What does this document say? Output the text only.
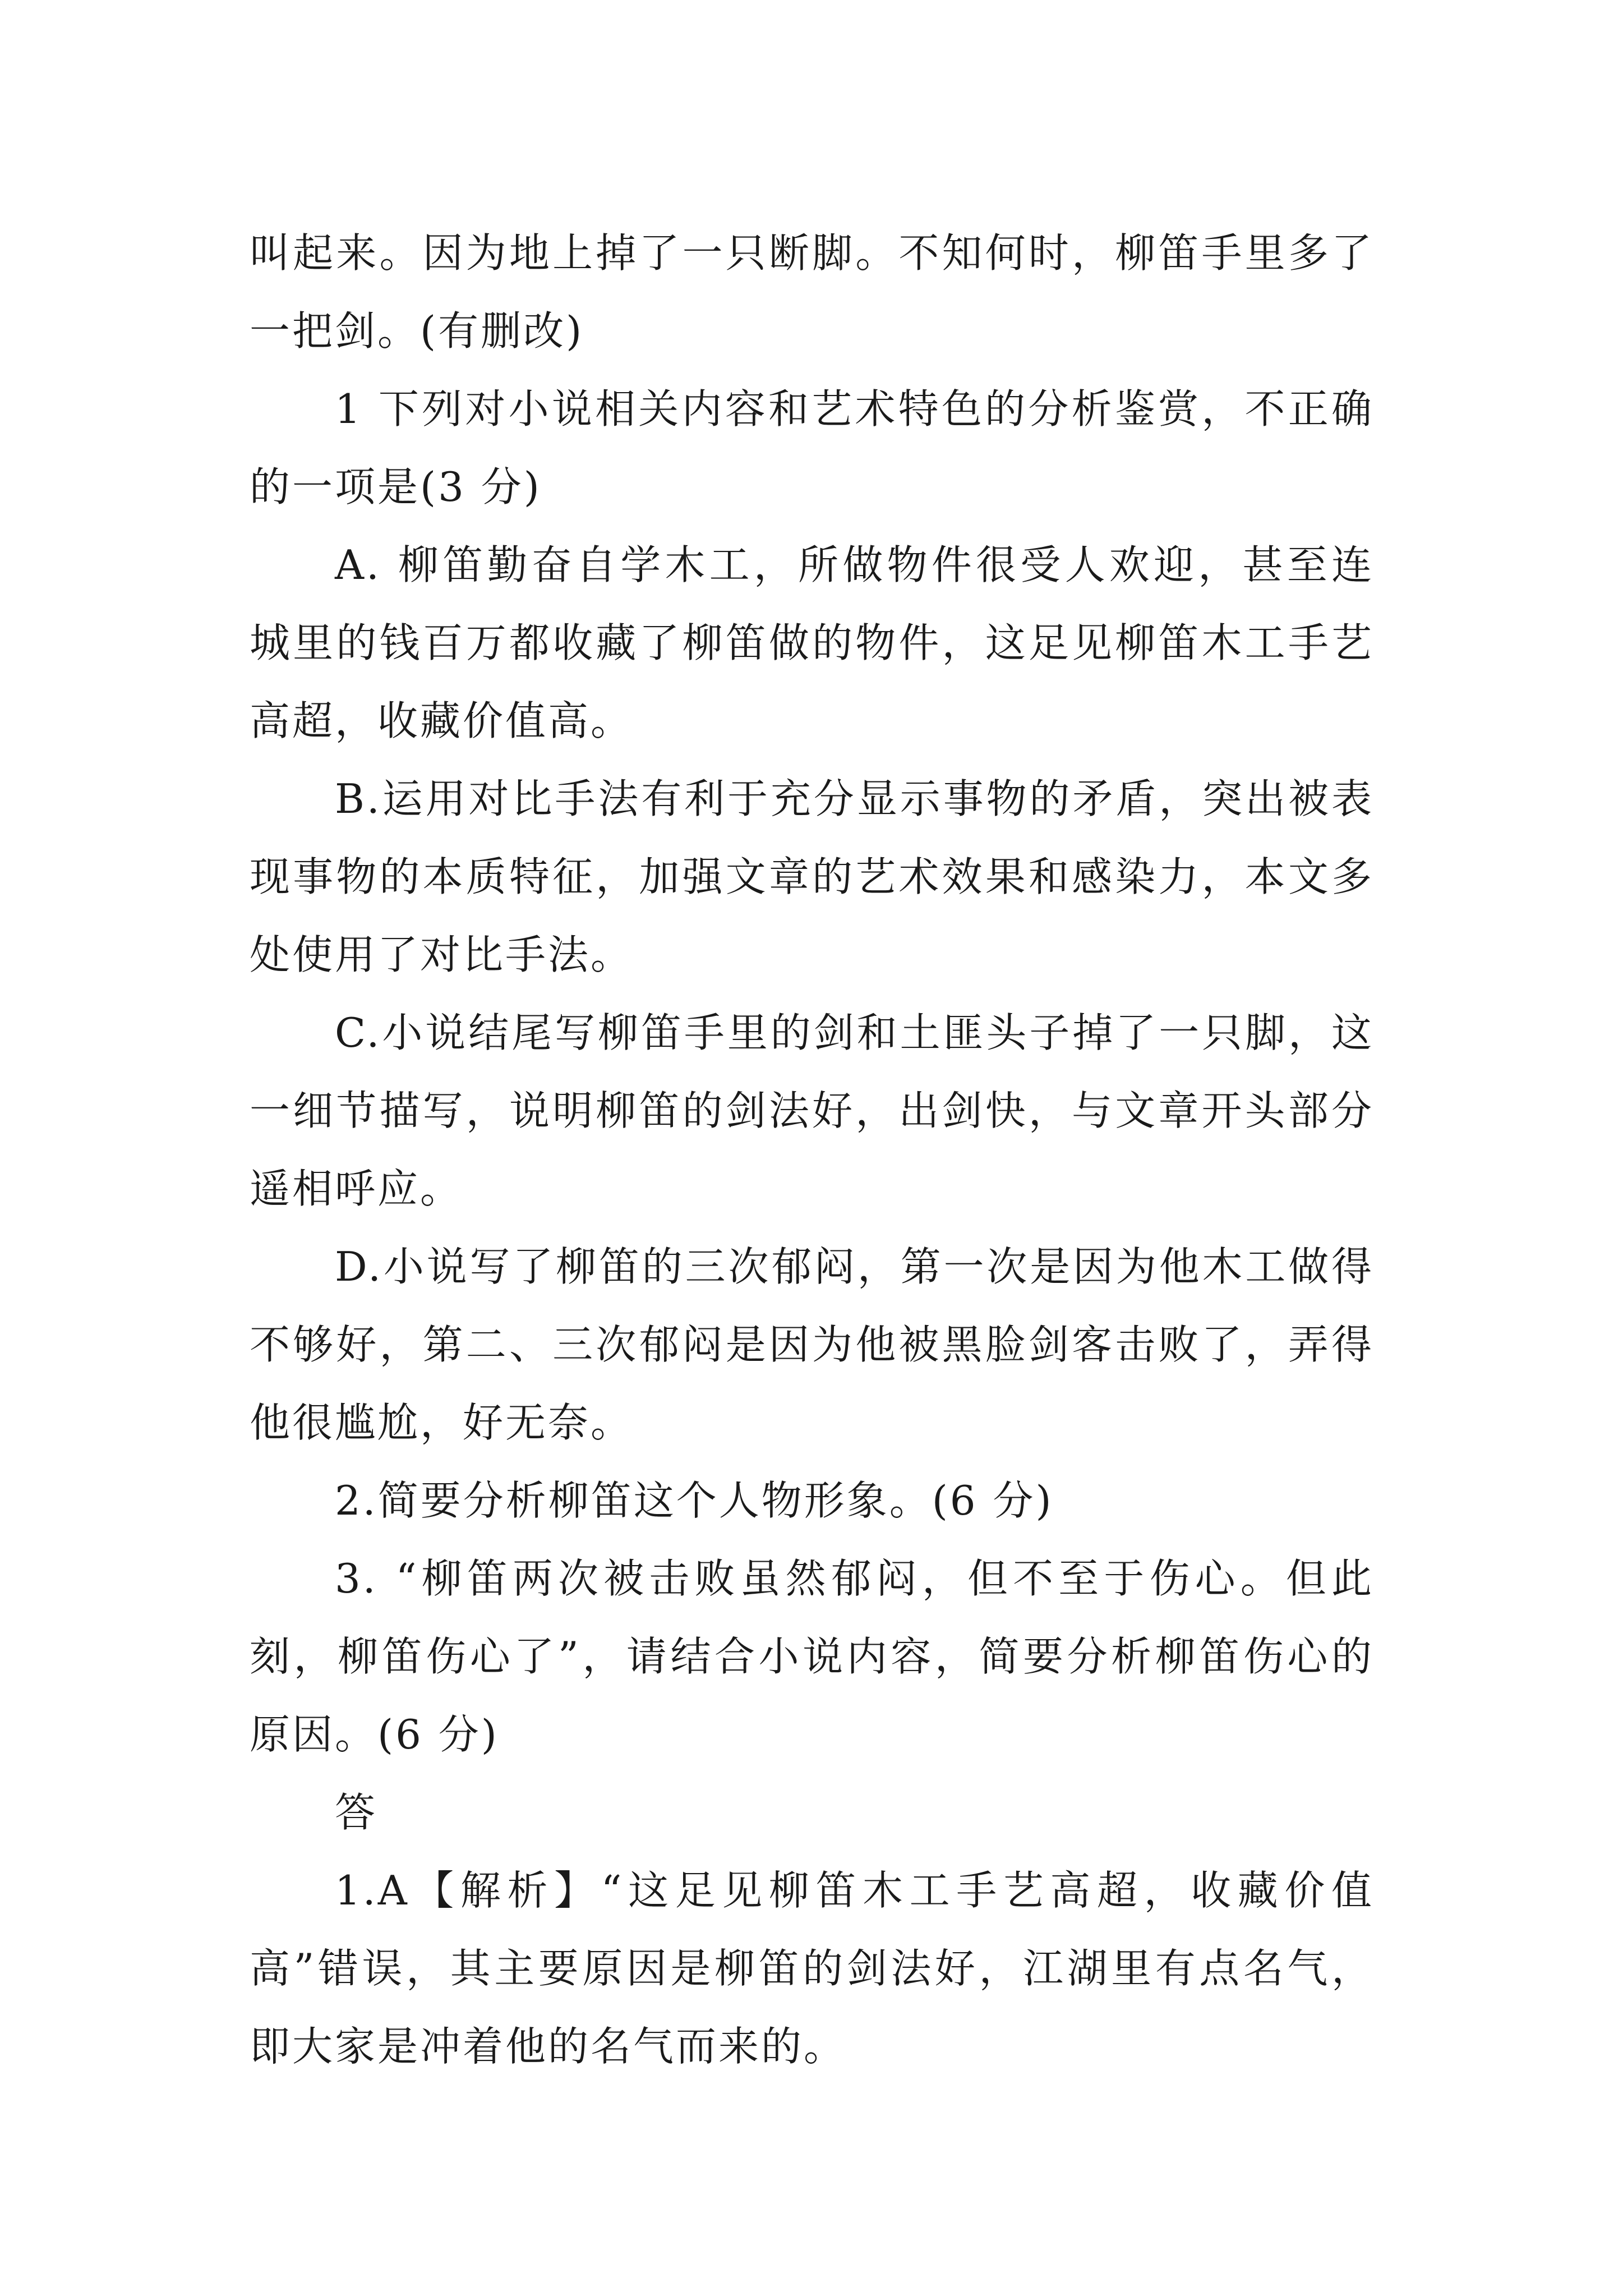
叫起来。因为地上掉了一只断脚。不知何时，柳笛手里多了一把剑。(有删改)

1 下列对小说相关内容和艺术特色的分析鉴赏，不正确的一项是(3 分)

A. 柳笛勤奋自学木工，所做物件很受人欢迎，甚至连城里的钱百万都收藏了柳笛做的物件，这足见柳笛木工手艺高超，收藏价值高。

B.运用对比手法有利于充分显示事物的矛盾，突出被表现事物的本质特征，加强文章的艺术效果和感染力，本文多处使用了对比手法。

C.小说结尾写柳笛手里的剑和土匪头子掉了一只脚，这一细节描写，说明柳笛的剑法好，出剑快，与文章开头部分遥相呼应。

D.小说写了柳笛的三次郁闷，第一次是因为他木工做得不够好，第二、三次郁闷是因为他被黑脸剑客击败了，弄得他很尴尬，好无奈。

2.简要分析柳笛这个人物形象。(6 分)

3. “柳笛两次被击败虽然郁闷，但不至于伤心。但此刻，柳笛伤心了”，请结合小说内容，简要分析柳笛伤心的原因。(6 分)

答

1.A【解析】“这足见柳笛木工手艺高超，收藏价值高”错误，其主要原因是柳笛的剑法好，江湖里有点名气，即大家是冲着他的名气而来的。
